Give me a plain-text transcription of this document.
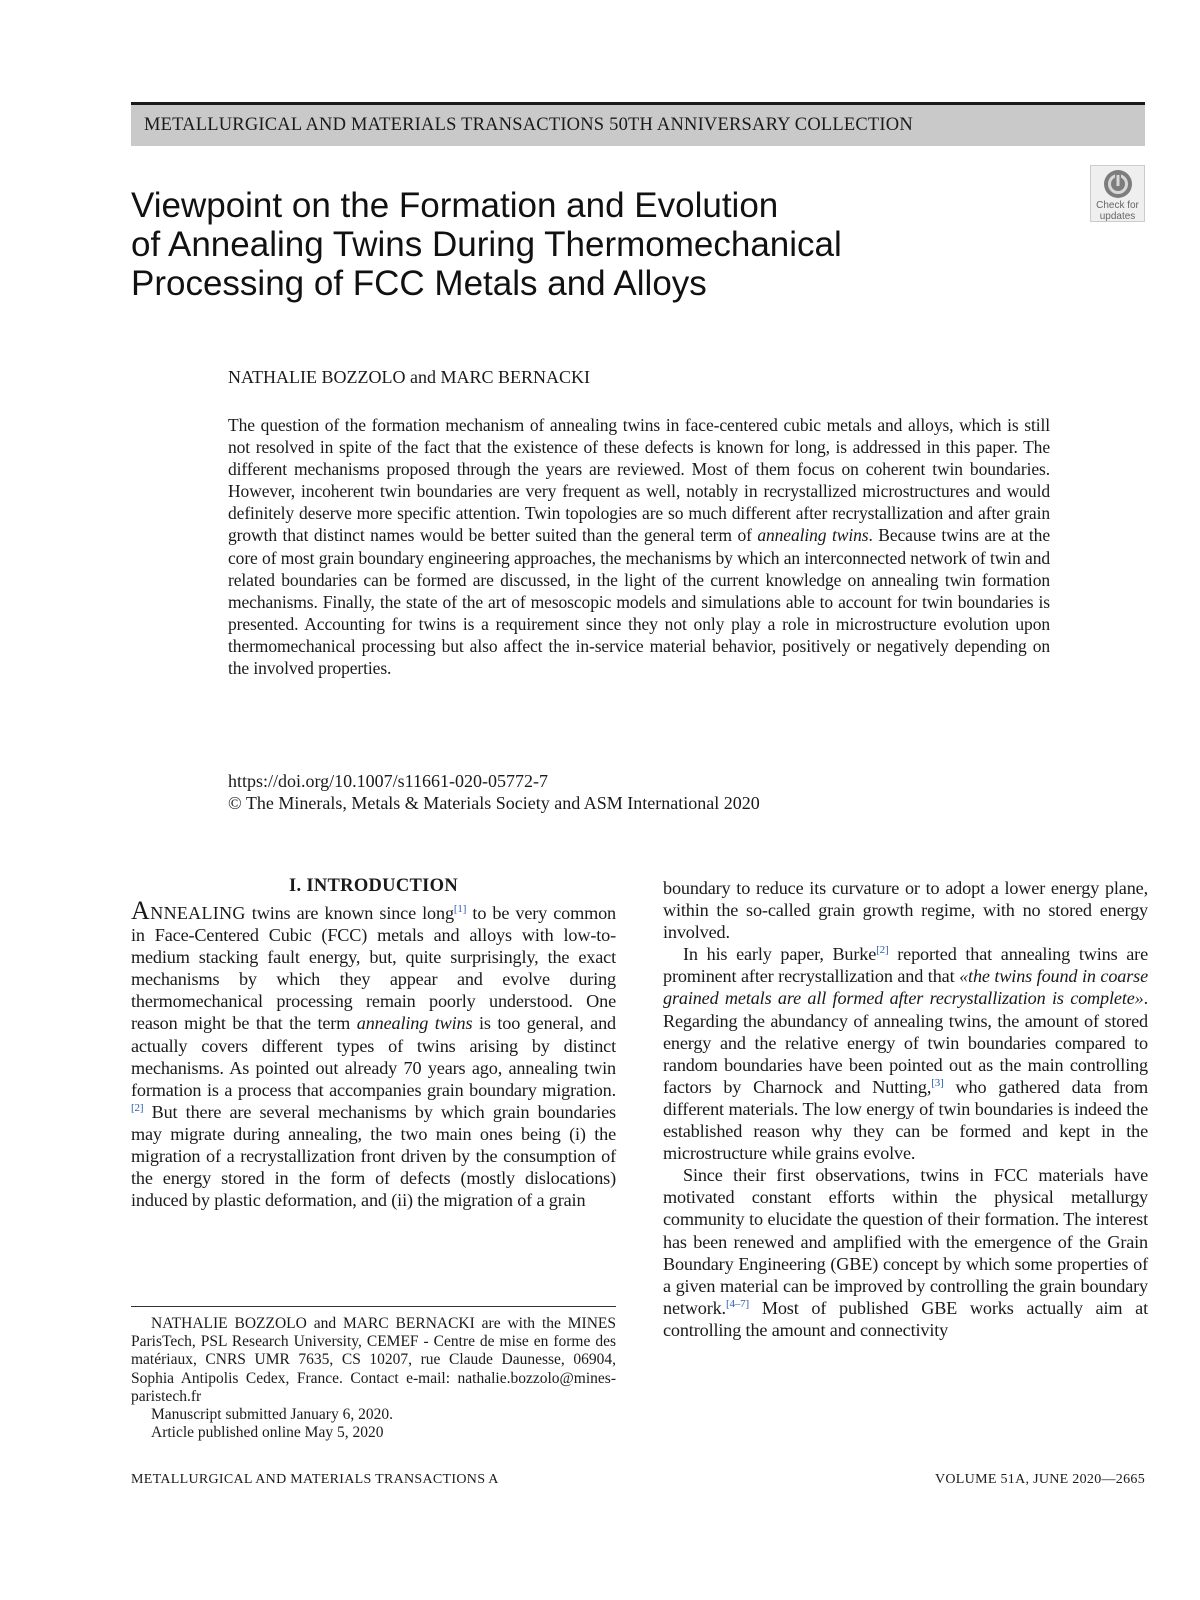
METALLURGICAL AND MATERIALS TRANSACTIONS 50TH ANNIVERSARY COLLECTION
Check for
updates
Viewpoint on the Formation and Evolution
of Annealing Twins During Thermomechanical
Processing of FCC Metals and Alloys
NATHALIE BOZZOLO and MARC BERNACKI

The question of the formation mechanism of annealing twins in face-centered cubic metals and alloys, which is still not resolved in spite of the fact that the existence of these defects is known for long, is addressed in this paper. The different mechanisms proposed through the years are reviewed. Most of them focus on coherent twin boundaries. However, incoherent twin boundaries are very frequent as well, notably in recrystallized microstructures and would definitely deserve more specific attention. Twin topologies are so much different after recrystallization and after grain growth that distinct names would be better suited than the general term of annealing twins. Because twins are at the core of most grain boundary engineering approaches, the mechanisms by which an interconnected network of twin and related boundaries can be formed are discussed, in the light of the current knowledge on annealing twin formation mechanisms. Finally, the state of the art of mesoscopic models and simulations able to account for twin boundaries is presented. Accounting for twins is a requirement since they not only play a role in microstructure evolution upon thermomechanical processing but also affect the in-service material behavior, positively or negatively depending on the involved properties.

https://doi.org/10.1007/s11661-020-05772-7
© The Minerals, Metals & Materials Society and ASM International 2020
I. INTRODUCTION

ANNEALING twins are known since long[1] to be very common in Face-Centered Cubic (FCC) metals and alloys with low-to-medium stacking fault energy, but, quite surprisingly, the exact mechanisms by which they appear and evolve during thermomechanical processing remain poorly understood. One reason might be that the term annealing twins is too general, and actually covers different types of twins arising by distinct mechanisms. As pointed out already 70 years ago, annealing twin formation is a process that accompanies grain boundary migration.[2] But there are several mechanisms by which grain boundaries may migrate during annealing, the two main ones being (i) the migration of a recrystallization front driven by the consumption of the energy stored in the form of defects (mostly dislocations) induced by plastic deformation, and (ii) the migration of a grain

boundary to reduce its curvature or to adopt a lower energy plane, within the so-called grain growth regime, with no stored energy involved.

In his early paper, Burke[2] reported that annealing twins are prominent after recrystallization and that «the twins found in coarse grained metals are all formed after recrystallization is complete». Regarding the abundancy of annealing twins, the amount of stored energy and the relative energy of twin boundaries compared to random boundaries have been pointed out as the main controlling factors by Charnock and Nutting,[3] who gathered data from different materials. The low energy of twin boundaries is indeed the established reason why they can be formed and kept in the microstructure while grains evolve.

Since their first observations, twins in FCC materials have motivated constant efforts within the physical metallurgy community to elucidate the question of their formation. The interest has been renewed and amplified with the emergence of the Grain Boundary Engineering (GBE) concept by which some properties of a given material can be improved by controlling the grain boundary network.[4–7] Most of published GBE works actually aim at controlling the amount and connectivity

NATHALIE BOZZOLO and MARC BERNACKI are with the MINES ParisTech, PSL Research University, CEMEF - Centre de mise en forme des matériaux, CNRS UMR 7635, CS 10207, rue Claude Daunesse, 06904, Sophia Antipolis Cedex, France. Contact e-mail: nathalie.bozzolo@mines-paristech.fr

Manuscript submitted January 6, 2020.

Article published online May 5, 2020

METALLURGICAL AND MATERIALS TRANSACTIONS A	VOLUME 51A, JUNE 2020—2665
